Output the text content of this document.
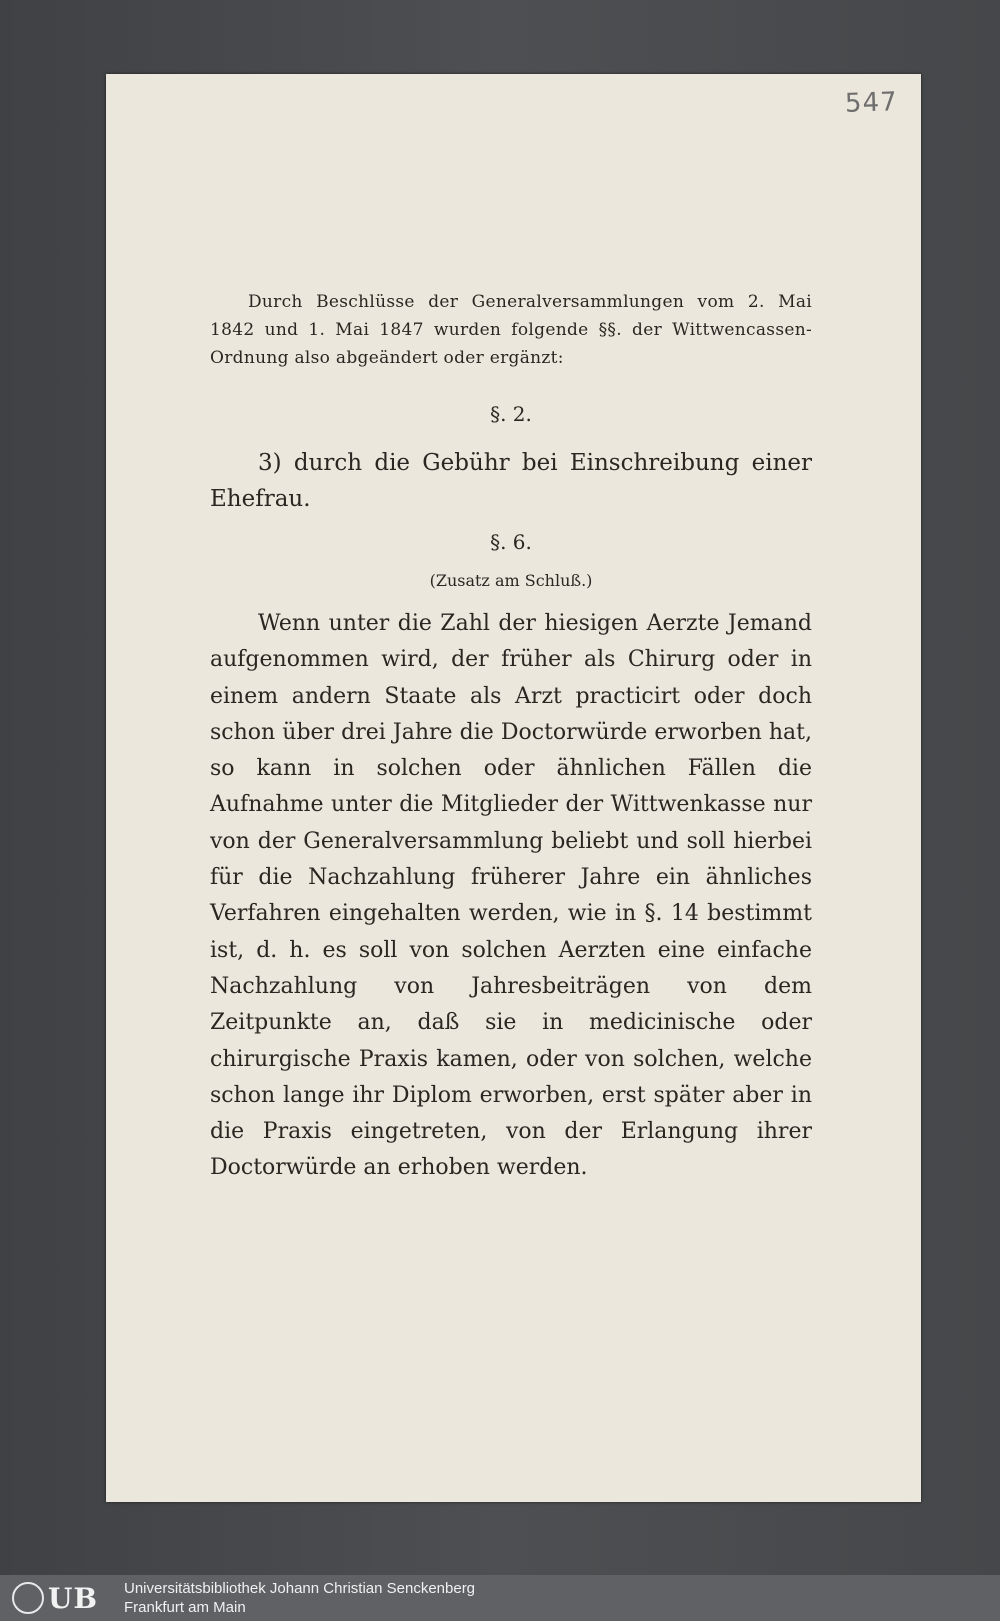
547
Durch Beschlüsse der Generalversammlungen vom 2. Mai 1842 und 1. Mai 1847 wurden folgende §§. der Wittwencassen-Ordnung also abgeändert oder ergänzt:
§. 2.
3) durch die Gebühr bei Einschreibung einer Ehefrau.
§. 6.
(Zusatz am Schluß.)
Wenn unter die Zahl der hiesigen Aerzte Jemand aufgenommen wird, der früher als Chirurg oder in einem andern Staate als Arzt practicirt oder doch schon über drei Jahre die Doctorwürde erworben hat, so kann in solchen oder ähnlichen Fällen die Aufnahme unter die Mitglieder der Wittwenkasse nur von der Generalversammlung beliebt und soll hierbei für die Nachzahlung früherer Jahre ein ähnliches Verfahren eingehalten werden, wie in §. 14 bestimmt ist, d. h. es soll von solchen Aerzten eine einfache Nachzahlung von Jahresbeiträgen von dem Zeitpunkte an, daß sie in medicinische oder chirurgische Praxis kamen, oder von solchen, welche schon lange ihr Diplom erworben, erst später aber in die Praxis eingetreten, von der Erlangung ihrer Doctorwürde an erhoben werden.
UB Universitätsbibliothek Johann Christian Senckenberg
Frankfurt am Main
